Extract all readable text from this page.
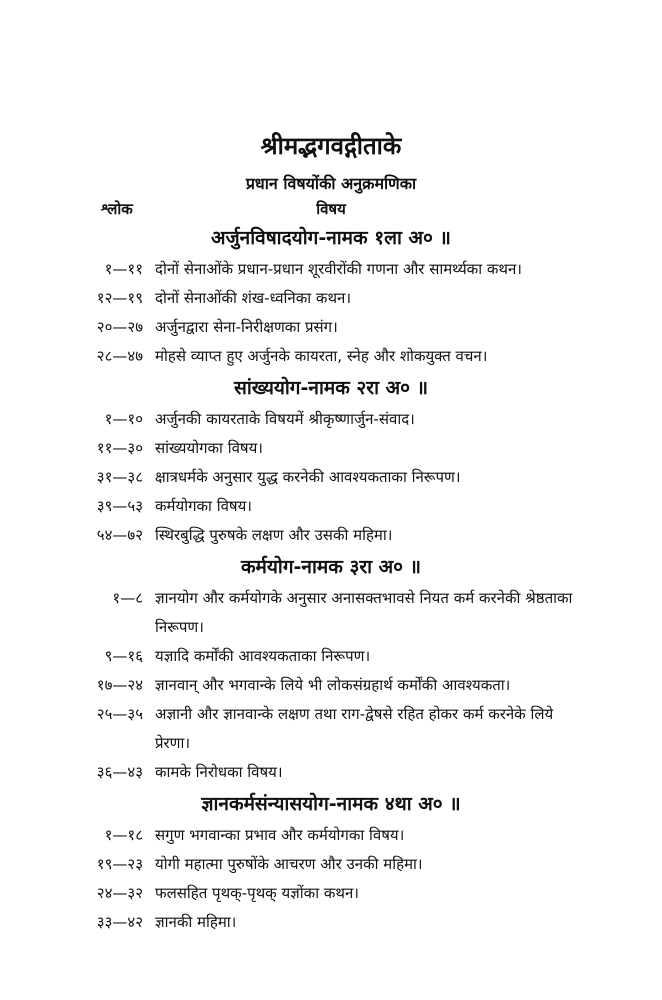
श्रीमद्भगवद्गीताके
प्रधान विषयोंकी अनुक्रमणिका
विषय
श्लोक
अर्जुनविषादयोग-नामक १ला अ० ॥
१—११ दोनों सेनाओंके प्रधान-प्रधान शूरवीरोंकी गणना और सामर्थ्यका कथन।
१२—१९ दोनों सेनाओंकी शंख-ध्वनिका कथन।
२०—२७ अर्जुनद्वारा सेना-निरीक्षणका प्रसंग।
२८—४७ मोहसे व्याप्त हुए अर्जुनके कायरता, स्नेह और शोकयुक्त वचन।
सांख्ययोग-नामक २रा अ० ॥
१—१० अर्जुनकी कायरताके विषयमें श्रीकृष्णार्जुन-संवाद।
११—३० सांख्ययोगका विषय।
३१—३८ क्षात्रधर्मके अनुसार युद्ध करनेकी आवश्यकताका निरूपण।
३९—५३ कर्मयोगका विषय।
५४—७२ स्थिरबुद्धि पुरुषके लक्षण और उसकी महिमा।
कर्मयोग-नामक ३रा अ० ॥
१—८ ज्ञानयोग और कर्मयोगके अनुसार अनासक्तभावसे नियत कर्म करनेकी श्रेष्ठताका निरूपण।
९—१६ यज्ञादि कर्मोंकी आवश्यकताका निरूपण।
१७—२४ ज्ञानवान् और भगवान्के लिये भी लोकसंग्रहार्थ कर्मोंकी आवश्यकता।
२५—३५ अज्ञानी और ज्ञानवान्के लक्षण तथा राग-द्वेषसे रहित होकर कर्म करनेके लिये प्रेरणा।
३६—४३ कामके निरोधका विषय।
ज्ञानकर्मसंन्यासयोग-नामक ४था अ० ॥
१—१८ सगुण भगवान्का प्रभाव और कर्मयोगका विषय।
१९—२३ योगी महात्मा पुरुषोंके आचरण और उनकी महिमा।
२४—३२ फलसहित पृथक्-पृथक् यज्ञोंका कथन।
३३—४२ ज्ञानकी महिमा।
